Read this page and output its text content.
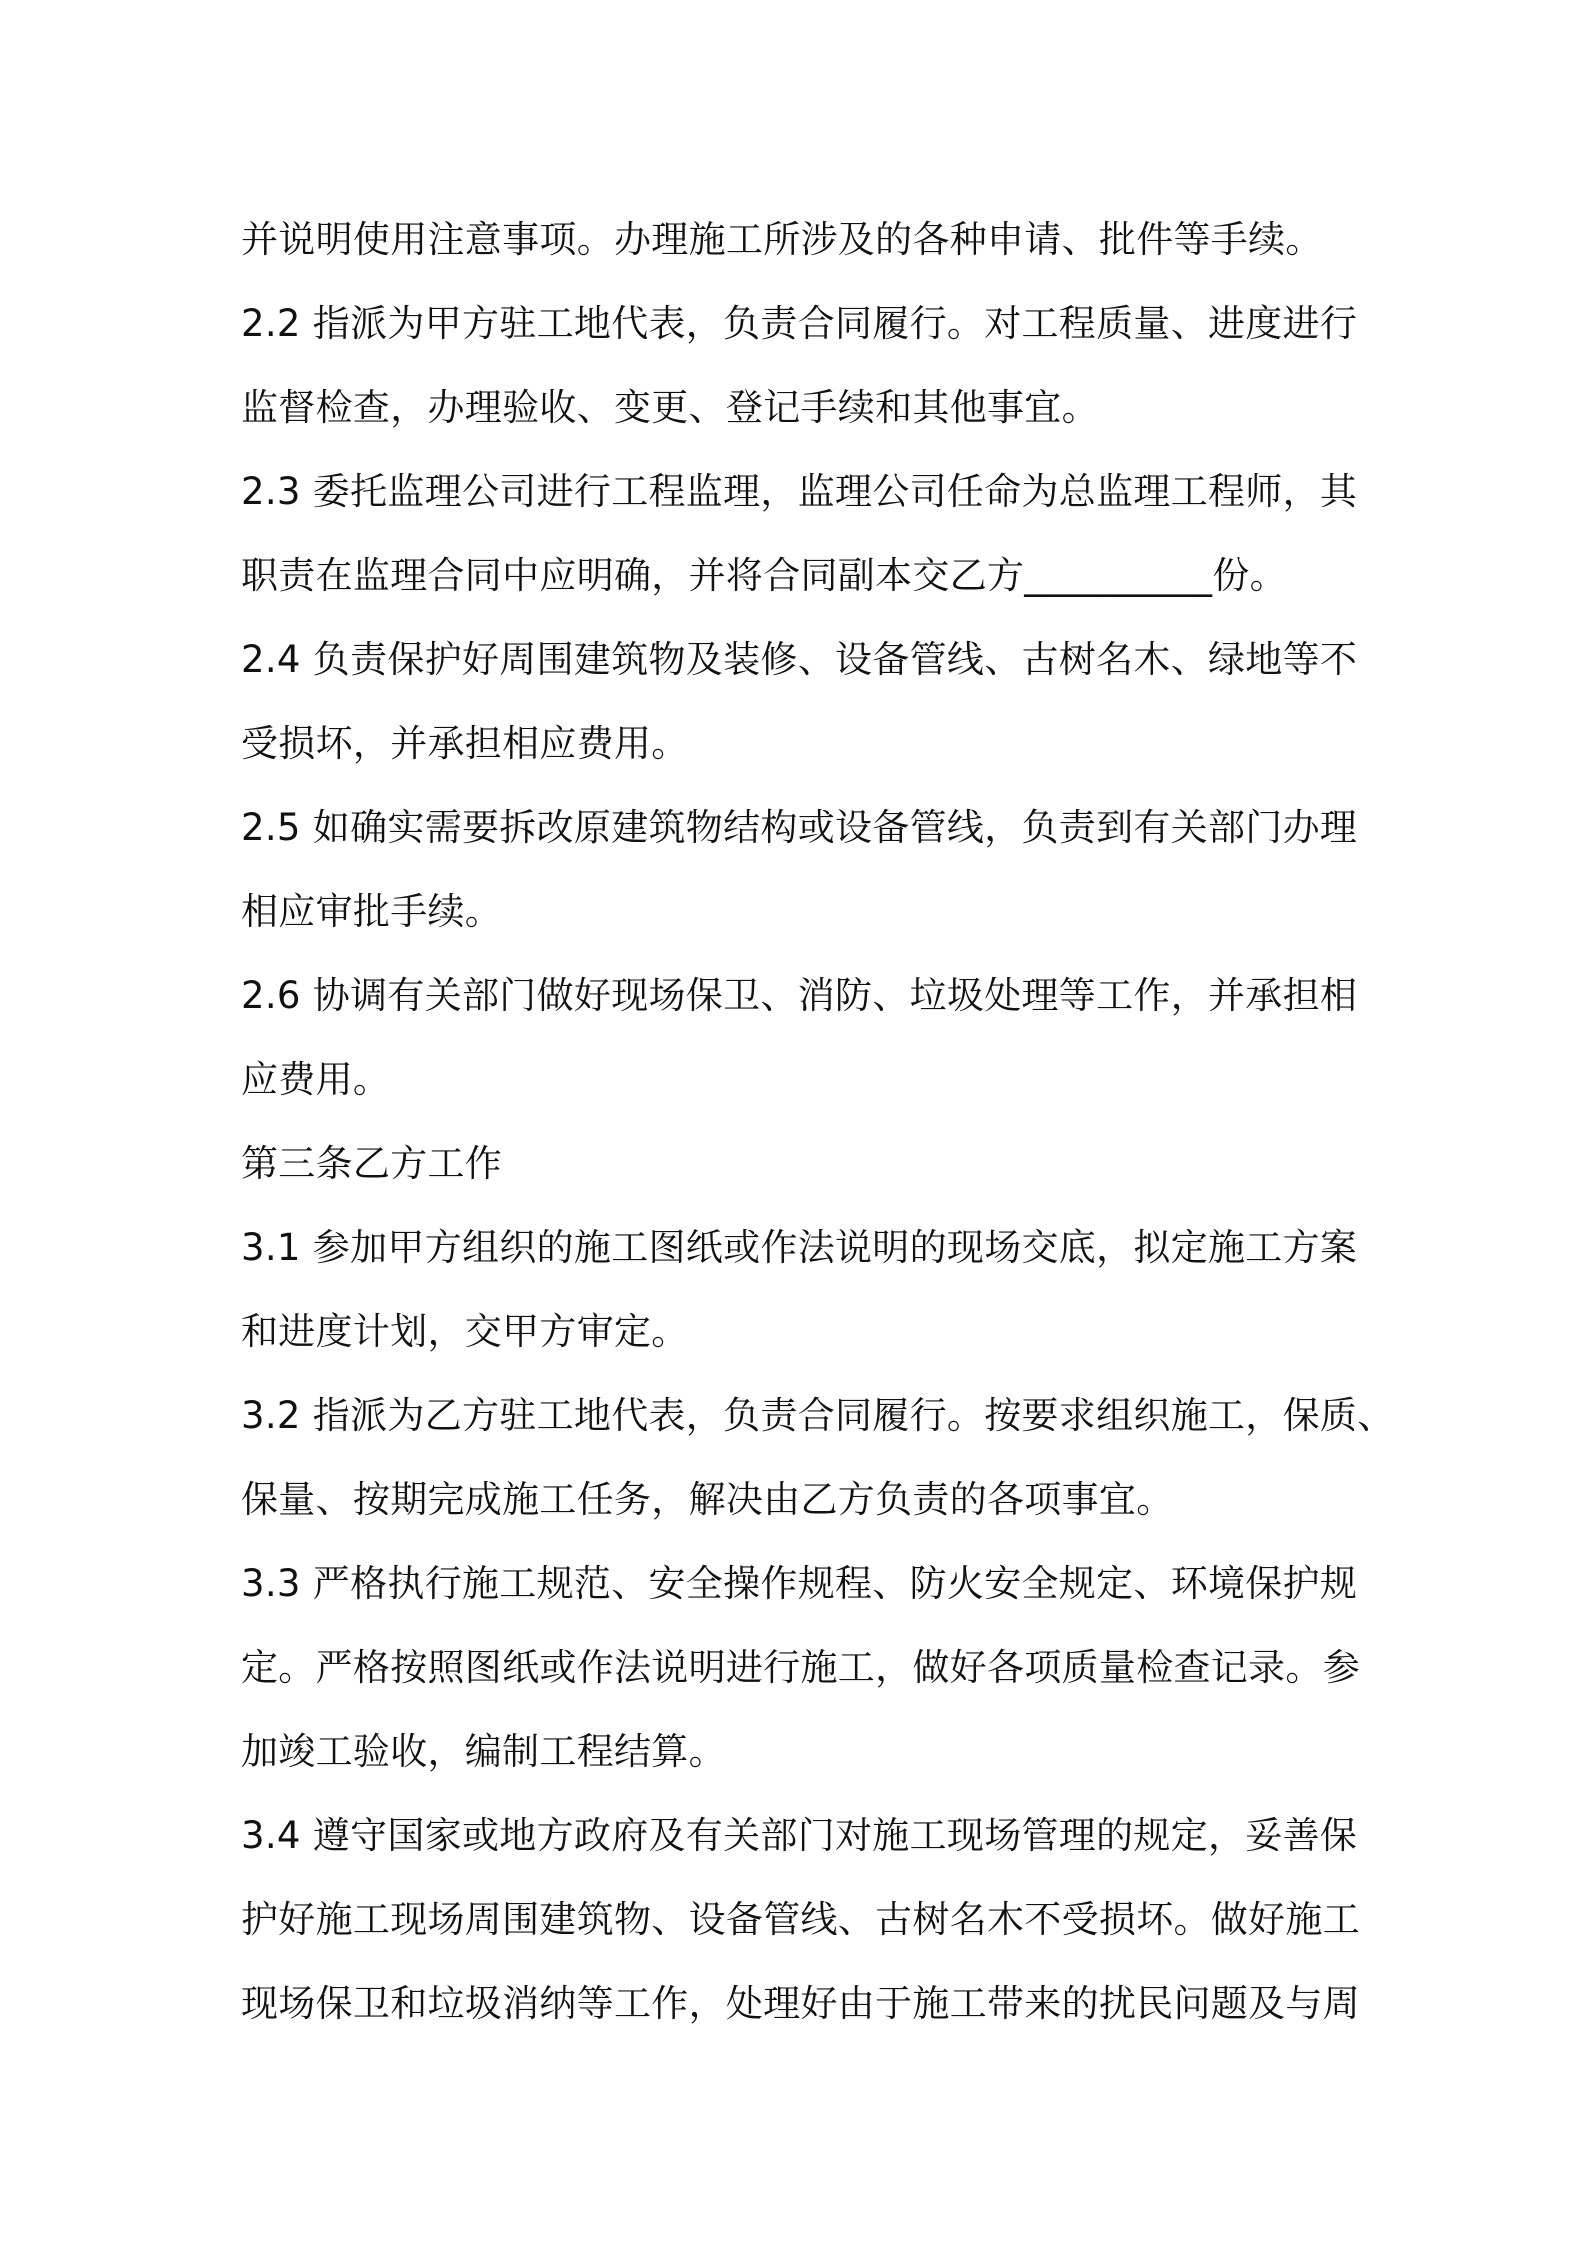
并说明使用注意事项。办理施工所涉及的各种申请、批件等手续。
2.2 指派为甲方驻工地代表，负责合同履行。对工程质量、进度进行
监督检查，办理验收、变更、登记手续和其他事宜。
2.3 委托监理公司进行工程监理，监理公司任命为总监理工程师，其
职责在监理合同中应明确，并将合同副本交乙方__________份。
2.4 负责保护好周围建筑物及装修、设备管线、古树名木、绿地等不
受损坏，并承担相应费用。
2.5 如确实需要拆改原建筑物结构或设备管线，负责到有关部门办理
相应审批手续。
2.6 协调有关部门做好现场保卫、消防、垃圾处理等工作，并承担相
应费用。
第三条乙方工作
3.1 参加甲方组织的施工图纸或作法说明的现场交底，拟定施工方案
和进度计划，交甲方审定。
3.2 指派为乙方驻工地代表，负责合同履行。按要求组织施工，保质、
保量、按期完成施工任务，解决由乙方负责的各项事宜。
3.3 严格执行施工规范、安全操作规程、防火安全规定、环境保护规
定。严格按照图纸或作法说明进行施工，做好各项质量检查记录。参
加竣工验收，编制工程结算。
3.4 遵守国家或地方政府及有关部门对施工现场管理的规定，妥善保
护好施工现场周围建筑物、设备管线、古树名木不受损坏。做好施工
现场保卫和垃圾消纳等工作，处理好由于施工带来的扰民问题及与周
